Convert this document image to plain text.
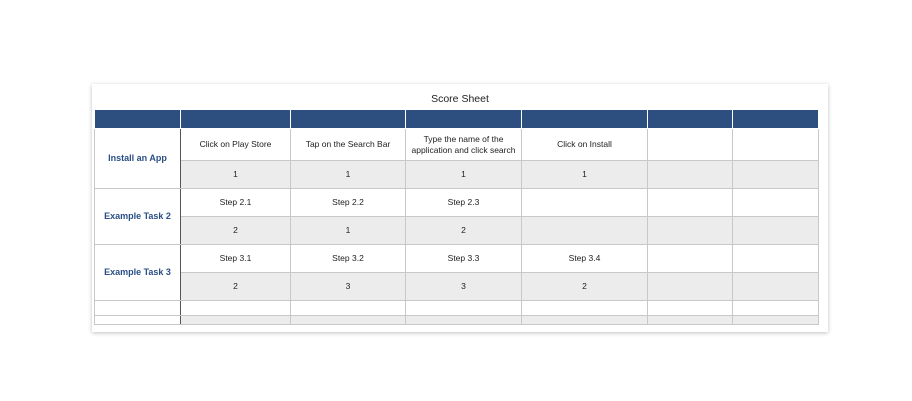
Score Sheet

Install an App	Click on Play Store	Tap on the Search Bar	Type the name of the application and click search	Click on Install		
	1	1	1	1		
Example Task 2	Step 2.1	Step 2.2	Step 2.3			
	2	1	2			
Example Task 3	Step 3.1	Step 3.2	Step 3.3	Step 3.4		
	2	3	3	2		
